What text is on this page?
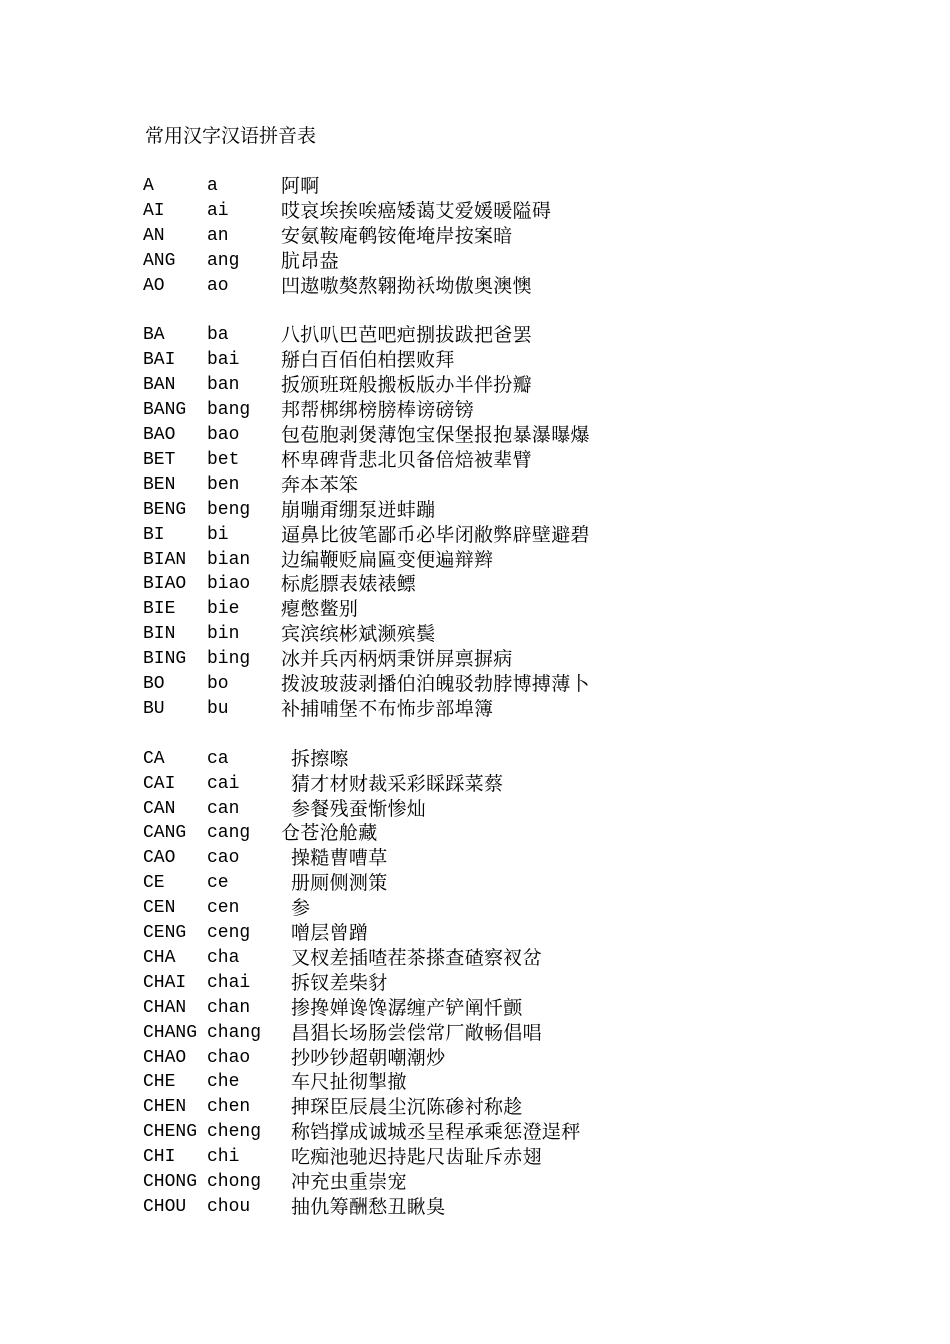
常用汉字汉语拼音表
A	a	阿啊
AI ai	哎哀埃挨唉癌矮蔼艾爱媛暖隘碍
AN an	安氨鞍庵鹌铵俺埯岸按案暗
ANG ang 肮昂盎
AO ao	凹遨嗷獒熬翱拗袄坳傲奥澳懊
BA ba	八扒叭巴芭吧疤捌拔跋把爸罢
BAI bai 掰白百佰伯柏摆败拜
BAN ban 扳颁班斑般搬板版办半伴扮瓣
BANG bang 邦帮梆绑榜膀棒谤磅镑
BAO bao 包苞胞剥煲薄饱宝保堡报抱暴瀑曝爆
BET bet 杯卑碑背悲北贝备倍焙被辈臂
BEN ben 奔本苯笨
BENG beng 崩嘣甭绷泵迸蚌蹦
BI bi	逼鼻比彼笔鄙币必毕闭敝弊辟壁避碧
BIAN bian 边编鞭贬扁匾变便遍辩辫
BIAO biao 标彪膘表婊裱鳔
BIE bie 瘪憋鳖别
BIN bin 宾滨缤彬斌濒殡鬓
BING bing 冰并兵丙柄炳秉饼屏禀摒病
BO bo	拨波玻菠剥播伯泊魄驳勃脖博搏薄卜
BU bu	补捕哺堡不布怖步部埠簿
CA ca	拆擦嚓
CAI cai	猜才材财裁采彩睬踩菜蔡
CAN can	参餐残蚕惭惨灿
CANG cang 仓苍沧舱藏
CAO cao	操糙曹嘈草
CE ce	册厕侧测策
CEN cen	参
CENG ceng 噌层曾蹭
CHA cha	叉杈差插喳茬茶搽查碴察衩岔
CHAI chai 拆钗差柴豺
CHAN chan 掺搀婵谗馋潺缠产铲阐忏颤
CHANG chang 昌猖长场肠尝偿常厂敞畅倡唱
CHAO chao 抄吵钞超朝嘲潮炒
CHE che	车尺扯彻掣撤
CHEN chen 抻琛臣辰晨尘沉陈碜衬称趁
CHENG cheng 称铛撑成诚城丞呈程承乘惩澄逞秤
CHI chi	吃痴池驰迟持匙尺齿耻斥赤翅
CHONG chong 冲充虫重崇宠
CHOU chou 抽仇筹酬愁丑瞅臭
